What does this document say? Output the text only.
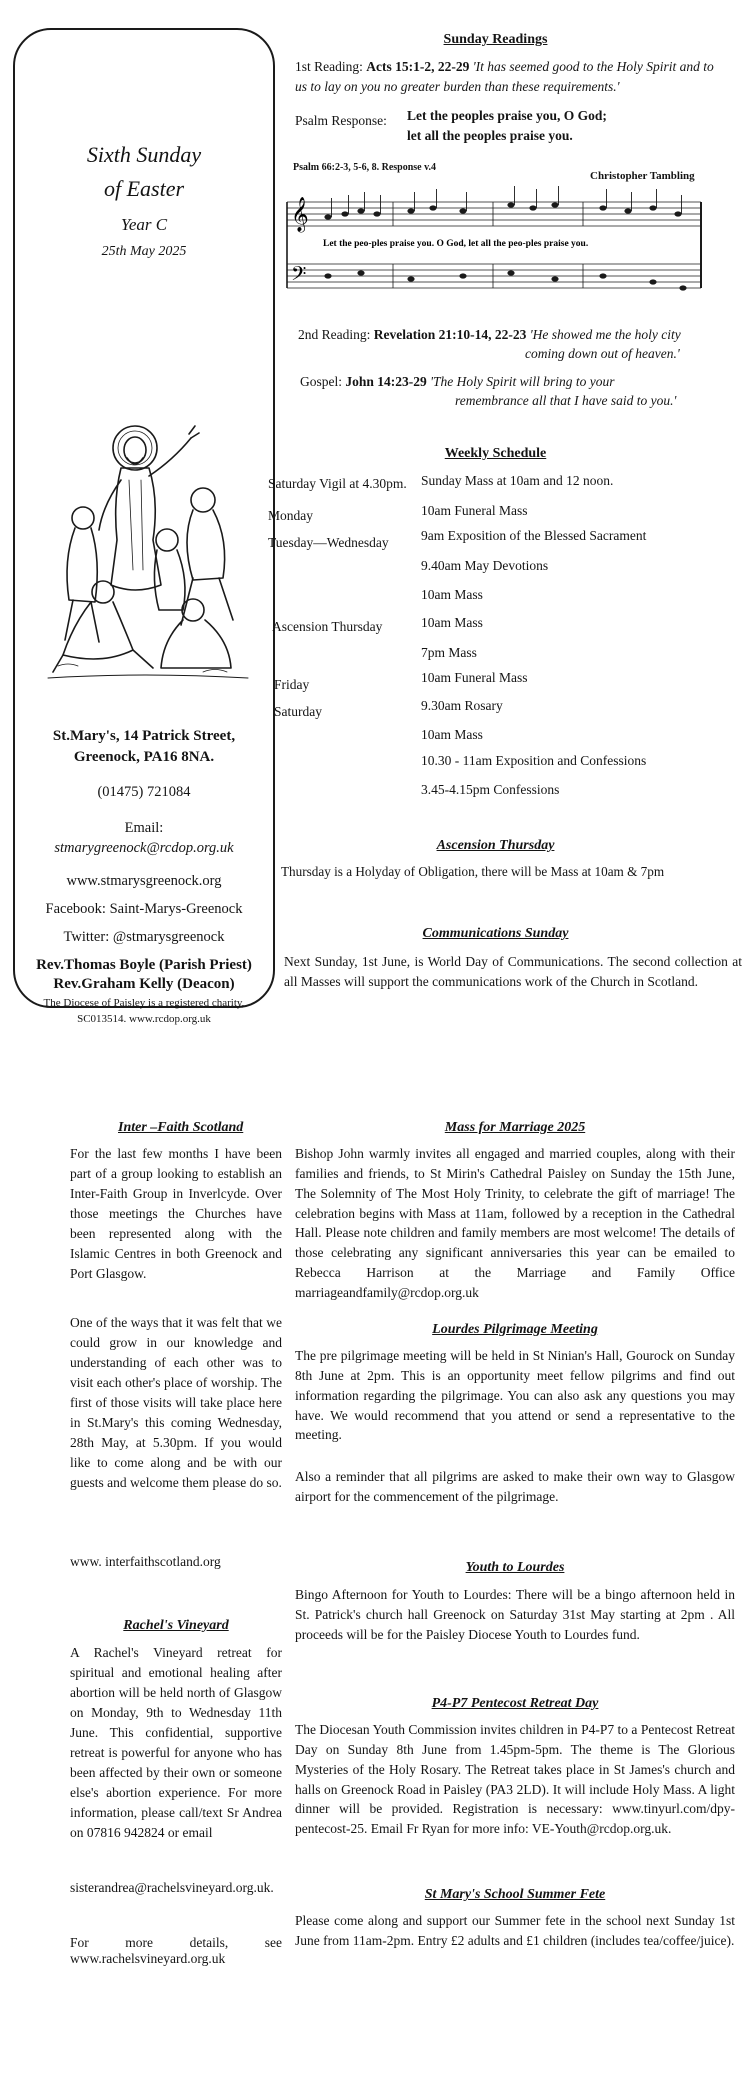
Sixth Sunday
of Easter
Year C
25th May 2025
St.Mary's, 14 Patrick Street,
Greenock, PA16 8NA.
(01475) 721084
Email:
stmarygreenock@rcdop.org.uk
www.stmarysgreenock.org
Facebook: Saint-Marys-Greenock
Twitter: @stmarysgreenock
Rev.Thomas Boyle (Parish Priest)
Rev.Graham Kelly (Deacon)
The Diocese of Paisley is a registered charity, SC013514. www.rcdop.org.uk
Sunday Readings
1st Reading: Acts 15:1-2, 22-29 'It has seemed good to the Holy Spirit and to us to lay on you no greater burden than these requirements.'
Psalm Response: Let the peoples praise you, O God;
let all the peoples praise you.
Psalm 66:2-3, 5-6, 8. Response v.4
Christopher Tambling
𝄞
𝄢
Let the peo-ples praise you. O God, let all the peo-ples praise you.
2nd Reading: Revelation 21:10-14, 22-23 'He showed me the holy city
coming down out of heaven.'
Gospel: John 14:23-29 'The Holy Spirit will bring to your
remembrance all that I have said to you.'
Weekly Schedule
Saturday Vigil at 4.30pm. Sunday Mass at 10am and 12 noon.
Monday	10am Funeral Mass
Tuesday—Wednesday 9am Exposition of the Blessed Sacrament
9.40am May Devotions
10am Mass
Ascension Thursday	10am Mass
7pm Mass
Friday	10am Funeral Mass
Saturday	9.30am Rosary
10am Mass
10.30 - 11am Exposition and Confessions
3.45-4.15pm Confessions
Ascension Thursday
Thursday is a Holyday of Obligation, there will be Mass at 10am & 7pm
Communications Sunday
Next Sunday, 1st June, is World Day of Communications. The second collection at all Masses will support the communications work of the Church in Scotland.
Inter –Faith Scotland
For the last few months I have been part of a group looking to establish an Inter-Faith Group in Inverlcyde. Over those meetings the Churches have been represented along with the Islamic Centres in both Greenock and Port Glasgow.
One of the ways that it was felt that we could grow in our knowledge and understanding of each other was to visit each other's place of worship. The first of those visits will take place here in St.Mary's this coming Wednesday, 28th May, at 5.30pm. If you would like to come along and be with our guests and welcome them please do so.
www. interfaithscotland.org
Rachel's Vineyard
A Rachel's Vineyard retreat for spiritual and emotional healing after abortion will be held north of Glasgow on Monday, 9th to Wednesday 11th June. This confidential, supportive retreat is powerful for anyone who has been affected by their own or someone else's abortion experience. For more information, please call/text Sr Andrea on 07816 942824 or email
sisterandrea@rachelsvineyard.org.uk.
For more details, see www.rachelsvineyard.org.uk
Mass for Marriage 2025
Bishop John warmly invites all engaged and married couples, along with their families and friends, to St Mirin's Cathedral Paisley on Sunday the 15th June, The Solemnity of The Most Holy Trinity, to celebrate the gift of marriage! The celebration begins with Mass at 11am, followed by a reception in the Cathedral Hall. Please note children and family members are most welcome! The details of those celebrating any significant anniversaries this year can be emailed to Rebecca Harrison at the Marriage and Family Office marriageandfamily@rcdop.org.uk
Lourdes Pilgrimage Meeting
The pre pilgrimage meeting will be held in St Ninian's Hall, Gourock on Sunday 8th June at 2pm. This is an opportunity meet fellow pilgrims and find out information regarding the pilgrimage. You can also ask any questions you may have. We would recommend that you attend or send a representative to the meeting.
Also a reminder that all pilgrims are asked to make their own way to Glasgow airport for the commencement of the pilgrimage.
Youth to Lourdes
Bingo Afternoon for Youth to Lourdes: There will be a bingo afternoon held in St. Patrick's church hall Greenock on Saturday 31st May starting at 2pm . All proceeds will be for the Paisley Diocese Youth to Lourdes fund.
P4-P7 Pentecost Retreat Day
The Diocesan Youth Commission invites children in P4-P7 to a Pentecost Retreat Day on Sunday 8th June from 1.45pm-5pm. The theme is The Glorious Mysteries of the Holy Rosary. The Retreat takes place in St James's church and halls on Greenock Road in Paisley (PA3 2LD). It will include Holy Mass. A light dinner will be provided. Registration is necessary: www.tinyurl.com/dpy-pentecost-25. Email Fr Ryan for more info: VE-Youth@rcdop.org.uk.
St Mary's School Summer Fete
Please come along and support our Summer fete in the school next Sunday 1st June from 11am-2pm. Entry £2 adults and £1 children (includes tea/coffee/juice).
